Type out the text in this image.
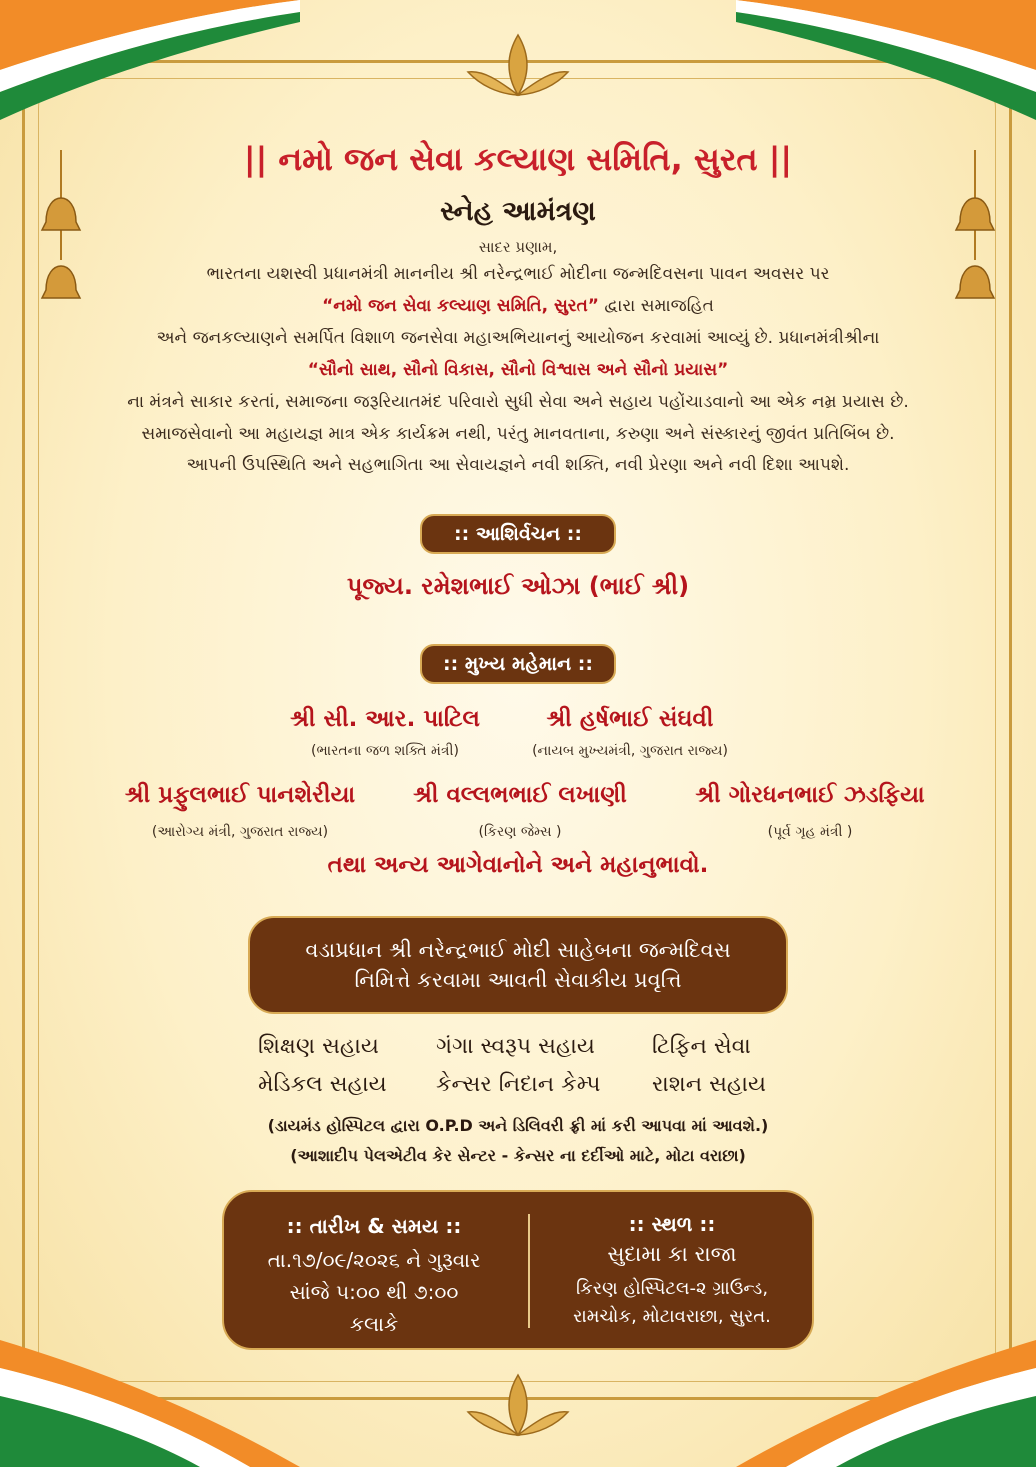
|| નમો જન સેવા કલ્યાણ સમિતિ, સુરત ||
સ્નેહ આમંત્રણ
સાદર પ્રણામ,
ભારતના યશસ્વી પ્રધાનમંત્રી માનનીય શ્રી નરેન્દ્રભાઈ મોદીના જન્મદિવસના પાવન અવસર પર
“નમો જન સેવા કલ્યાણ સમિતિ, સુરત” દ્વારા સમાજહિત
અને જનકલ્યાણને સમર્પિત વિશાળ જનસેવા મહાઅભિયાનનું આયોજન કરવામાં આવ્યું છે. પ્રધાનમંત્રીશ્રીના
“સૌનો સાથ, સૌનો વિકાસ, સૌનો વિશ્વાસ અને સૌનો પ્રયાસ”
ના મંત્રને સાકાર કરતાં, સમાજના જરૂરિયાતમંદ પરિવારો સુધી સેવા અને સહાય પહોંચાડવાનો આ એક નમ્ર પ્રયાસ છે.
સમાજસેવાનો આ મહાયજ્ઞ માત્ર એક કાર્યક્રમ નથી, પરંતુ માનવતાના, કરુણા અને સંસ્કારનું જીવંત પ્રતિબિંબ છે.
આપની ઉપસ્થિતિ અને સહભાગિતા આ સેવાયજ્ઞને નવી શક્તિ, નવી પ્રેરણા અને નવી દિશા આપશે.
:: આશિર્વચન ::
પૂજ્ય. રમેશભાઈ ઓઝા (ભાઈ શ્રી)
:: મુખ્ય મહેમાન ::
શ્રી સી. આર. પાટિલ
(ભારતના જળ શક્તિ મંત્રી)
શ્રી હર્ષભાઈ સંઘવી
(નાયબ મુખ્યમંત્રી, ગુજરાત રાજ્ય)
શ્રી પ્રફુલભાઈ પાનશેરીયા
(આરોગ્ય મંત્રી, ગુજરાત રાજ્ય)
શ્રી વલ્લભભાઈ લખાણી
(કિરણ જેમ્સ )
શ્રી ગોરધનભાઈ ઝડફિયા
(પૂર્વ ગૃહ મંત્રી )
તથા અન્ય આગેવાનોને અને મહાનુભાવો.
વડાપ્રધાન શ્રી નરેન્દ્રભાઈ મોદી સાહેબના જન્મદિવસ
નિમિત્તે કરવામા આવતી સેવાકીય પ્રવૃત્તિ
શિક્ષણ સહાય	ગંગા સ્વરૂપ સહાય	ટિફિન સેવા
મેડિકલ સહાય કેન્સર નિદાન કેમ્પ રાશન સહાય
(ડાયમંડ હોસ્પિટલ દ્વારા O.P.D અને ડિલિવરી ફ્રી માં કરી આપવા માં આવશે.)
(આશાદીપ પેલએટીવ કેર સેન્ટર - કેન્સર ના દર્દીઓ માટે, મોટા વરાછા)
:: તારીખ & સમય ::
તા.૧૭/૦૯/૨૦૨૬ ને ગુરૂવાર
સાંજે ૫:૦૦ થી ૭:૦૦
કલાકે
:: સ્થળ ::
સુદામા કા રાજા
કિરણ હોસ્પિટલ-૨ ગ્રાઉન્ડ,
રામચોક, મોટાવરાછા, સુરત.
